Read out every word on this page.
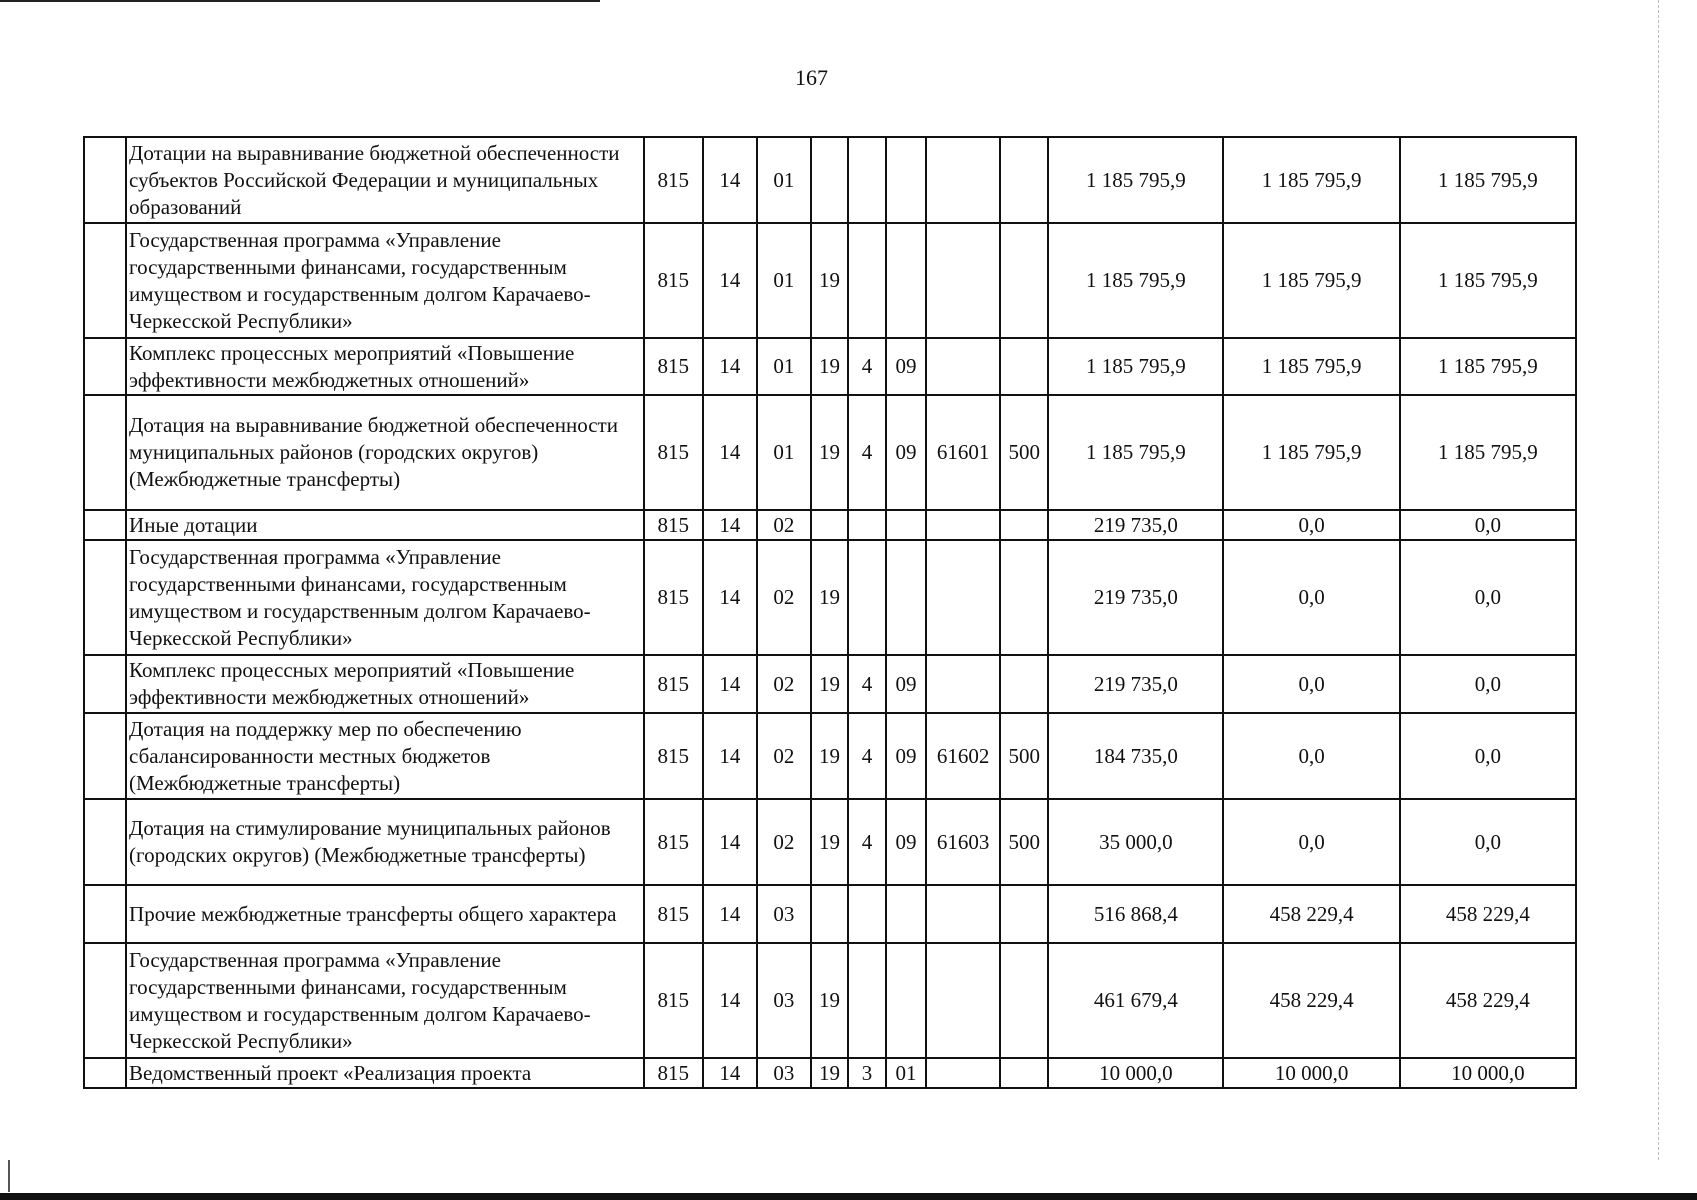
167
	Дотации на выравнивание бюджетной обеспеченности субъектов Российской Федерации и муниципальных образований	815	14	01						1 185 795,9	1 185 795,9	1 185 795,9
	Государственная программа «Управление государственными финансами, государственным имуществом и государственным долгом Карачаево-Черкесской Республики»	815	14	01	19					1 185 795,9	1 185 795,9	1 185 795,9
	Комплекс процессных мероприятий «Повышение эффективности межбюджетных отношений»	815	14	01	19	4	09			1 185 795,9	1 185 795,9	1 185 795,9
	Дотация на выравнивание бюджетной обеспеченности муниципальных районов (городских округов) (Межбюджетные трансферты)	815	14	01	19	4	09	61601	500	1 185 795,9	1 185 795,9	1 185 795,9
	Иные дотации	815	14	02						219 735,0	0,0	0,0
	Государственная программа «Управление государственными финансами, государственным имуществом и государственным долгом Карачаево-Черкесской Республики»	815	14	02	19					219 735,0	0,0	0,0
	Комплекс процессных мероприятий «Повышение эффективности межбюджетных отношений»	815	14	02	19	4	09			219 735,0	0,0	0,0
	Дотация на поддержку мер по обеспечению сбалансированности местных бюджетов (Межбюджетные трансферты)	815	14	02	19	4	09	61602	500	184 735,0	0,0	0,0
	Дотация на стимулирование муниципальных районов (городских округов) (Межбюджетные трансферты)	815	14	02	19	4	09	61603	500	35 000,0	0,0	0,0
	Прочие межбюджетные трансферты общего характера	815	14	03						516 868,4	458 229,4	458 229,4
	Государственная программа «Управление государственными финансами, государственным имуществом и государственным долгом Карачаево-Черкесской Республики»	815	14	03	19					461 679,4	458 229,4	458 229,4
	Ведомственный проект «Реализация проекта	815	14	03	19	3	01			10 000,0	10 000,0	10 000,0
